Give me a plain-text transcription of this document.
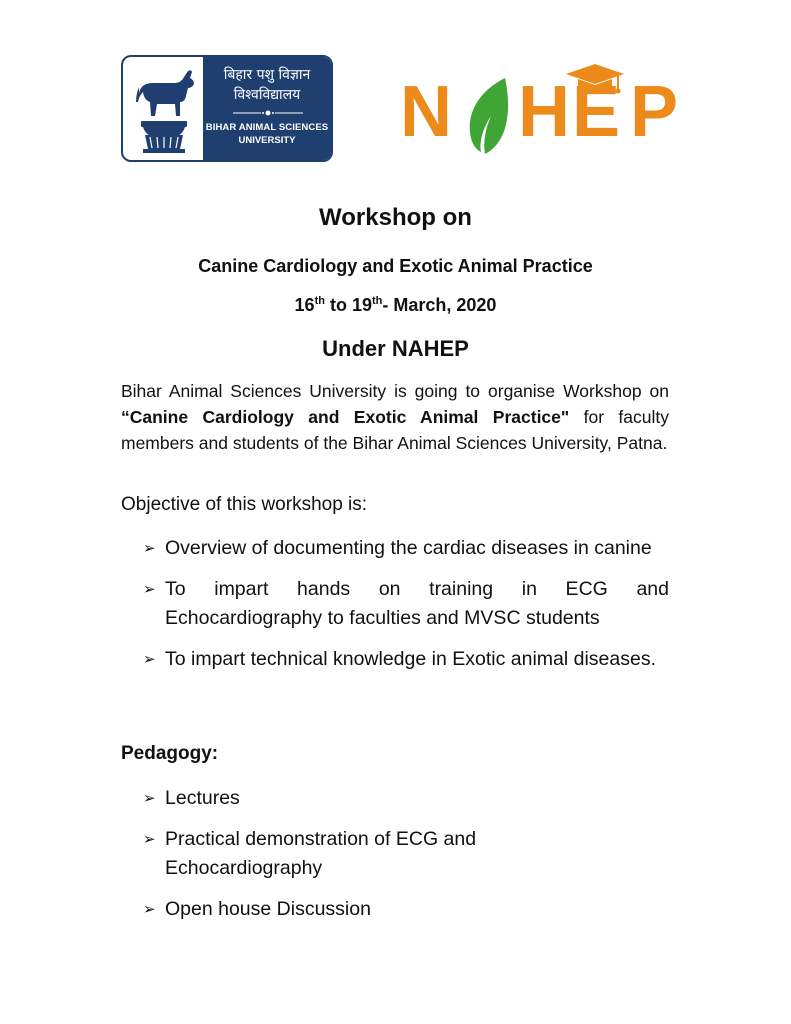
बिहार पशु विज्ञान
विश्वविद्यालय
BIHAR ANIMAL SCIENCES
UNIVERSITY	N H E P
Workshop on
Canine Cardiology and Exotic Animal Practice

16th to 19th- March, 2020

Under NAHEP

Bihar Animal Sciences University is going to organise Workshop on “Canine Cardiology and Exotic Animal Practice" for faculty members and students of the Bihar Animal Sciences University, Patna.

Objective of this workshop is:

➢ Overview of documenting the cardiac diseases in canine
➢ To impart hands on training in ECG and Echocardiography to faculties and MVSC students
➢ To impart technical knowledge in Exotic animal diseases.

Pedagogy:

➢ Lectures
➢ Practical demonstration of ECG and Echocardiography
➢ Open house Discussion
